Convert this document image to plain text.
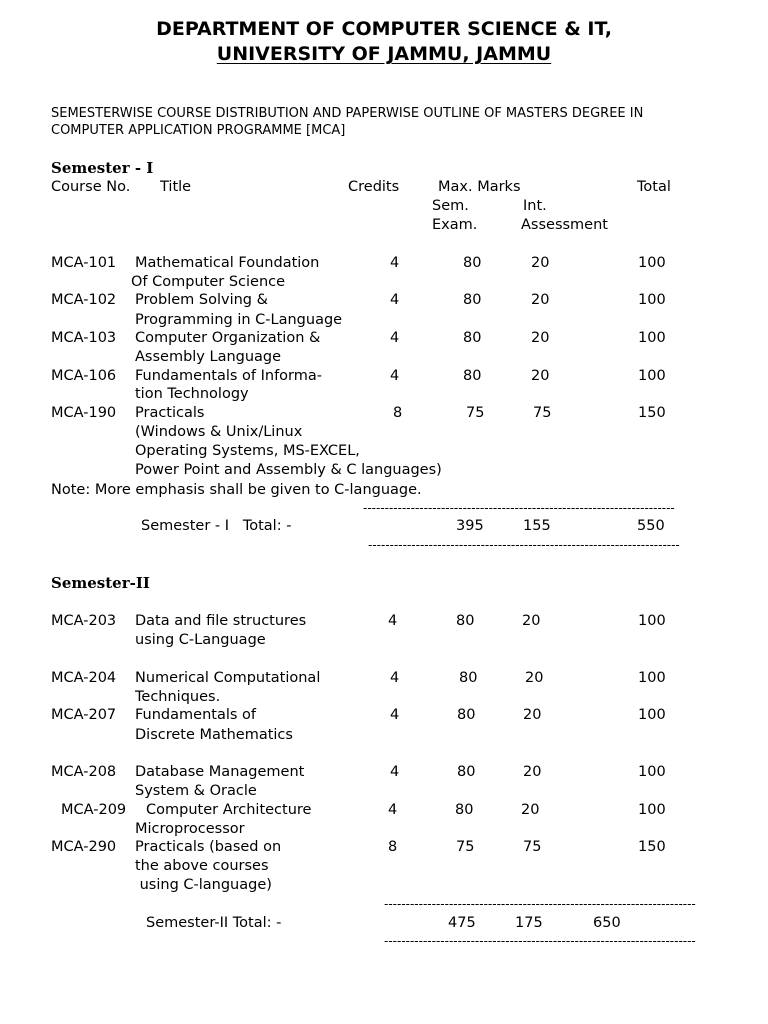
DEPARTMENT OF COMPUTER SCIENCE & IT,
UNIVERSITY OF JAMMU, JAMMU
SEMESTERWISE COURSE DISTRIBUTION AND PAPERWISE OUTLINE OF MASTERS DEGREE IN
COMPUTER APPLICATION PROGRAMME [MCA]
Semester - I
Course No. Title	Credits	Max. Marks	Total
Sem.	Int.
Exam.	Assessment
MCA-101 Mathematical Foundation
Of Computer Science
4	80	20	100
MCA-102 Problem Solving &
Programming in C-Language
4	80	20	100
MCA-103 Computer Organization &
Assembly Language
4	80	20	100
MCA-106 Fundamentals of Informa-
tion Technology
4	80	20	100
MCA-190 Practicals
(Windows & Unix/Linux
Operating Systems, MS-EXCEL,
Power Point and Assembly & C languages)
8	75	75	150
Note: More emphasis shall be given to C-language.
------------------------------------------------------------------------
Semester - I   Total: -	395	155	550
------------------------------------------------------------------------
Semester-II
MCA-203 Data and file structures
using C-Language
4	80	20	100
MCA-204 Numerical Computational
Techniques.
4	80	20	100
MCA-207 Fundamentals of
Discrete Mathematics
4	80	20	100
MCA-208 Database Management
System & Oracle
4	80	20	100
MCA-209 Computer Architecture
Microprocessor
4	80	20	100
MCA-290 Practicals (based on
the above courses
using C-language)
8	75	75	150
------------------------------------------------------------------------
Semester-II Total: -	475	175	650
------------------------------------------------------------------------
